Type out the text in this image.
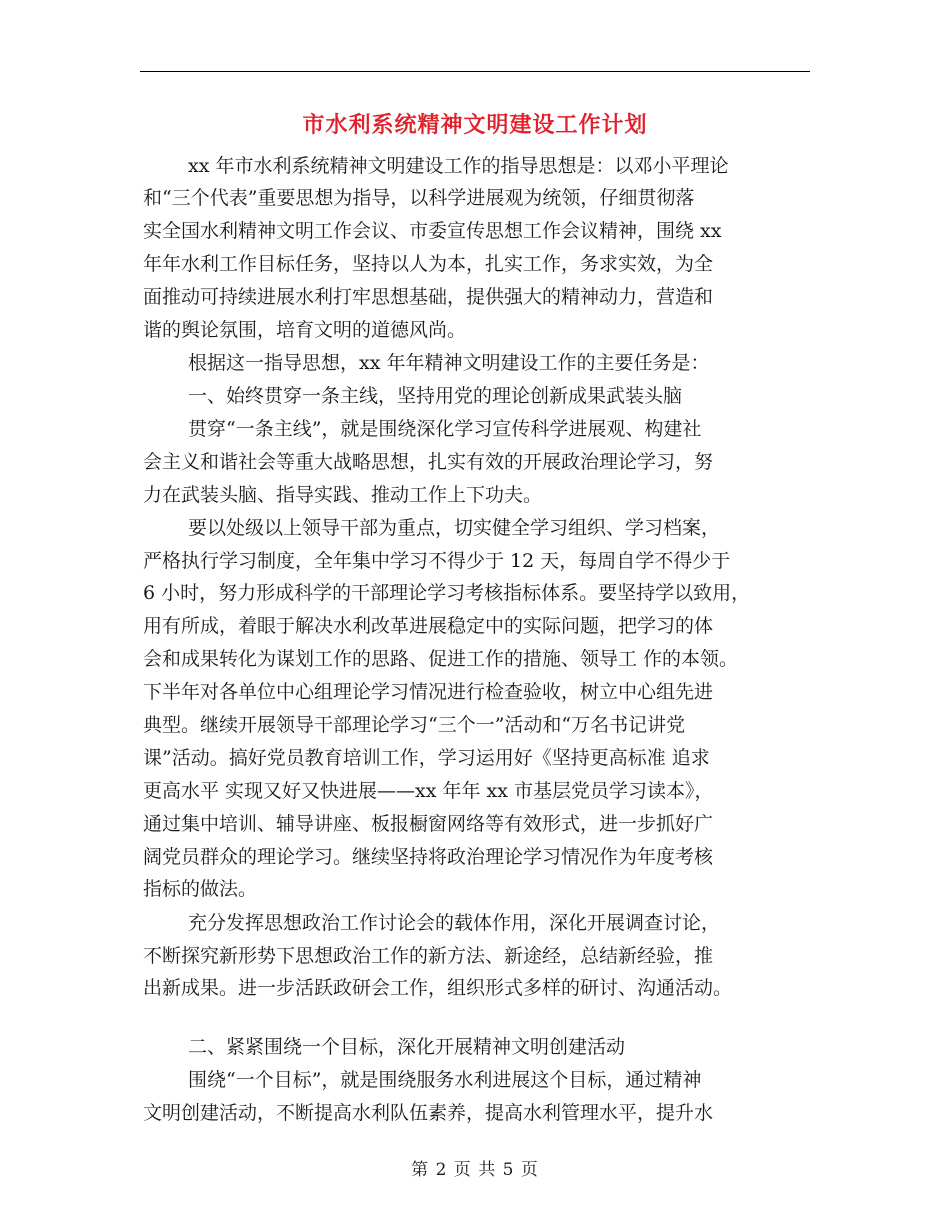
市水利系统精神文明建设工作计划
xx 年市水利系统精神文明建设工作的指导思想是：以邓小平理论
和“三个代表”重要思想为指导，以科学进展观为统领，仔细贯彻落
实全国水利精神文明工作会议、市委宣传思想工作会议精神，围绕 xx
年年水利工作目标任务，坚持以人为本，扎实工作，务求实效，为全
面推动可持续进展水利打牢思想基础，提供强大的精神动力，营造和
谐的舆论氛围，培育文明的道德风尚。
根据这一指导思想，xx 年年精神文明建设工作的主要任务是：
一、始终贯穿一条主线，坚持用党的理论创新成果武装头脑
贯穿“一条主线”，就是围绕深化学习宣传科学进展观、构建社
会主义和谐社会等重大战略思想，扎实有效的开展政治理论学习，努
力在武装头脑、指导实践、推动工作上下功夫。
要以处级以上领导干部为重点，切实健全学习组织、学习档案，
严格执行学习制度，全年集中学习不得少于 12 天，每周自学不得少于
6 小时，努力形成科学的干部理论学习考核指标体系。要坚持学以致用，
用有所成，着眼于解决水利改革进展稳定中的实际问题，把学习的体
会和成果转化为谋划工作的思路、促进工作的措施、领导工 作的本领。
下半年对各单位中心组理论学习情况进行检查验收，树立中心组先进
典型。继续开展领导干部理论学习“三个一”活动和“万名书记讲党
课”活动。搞好党员教育培训工作，学习运用好《坚持更高标准 追求
更高水平 实现又好又快进展——xx 年年 xx 市基层党员学习读本》，
通过集中培训、辅导讲座、板报橱窗网络等有效形式，进一步抓好广
阔党员群众的理论学习。继续坚持将政治理论学习情况作为年度考核
指标的做法。
充分发挥思想政治工作讨论会的载体作用，深化开展调查讨论，
不断探究新形势下思想政治工作的新方法、新途经，总结新经验，推
出新成果。进一步活跃政研会工作，组织形式多样的研讨、沟通活动。
二、紧紧围绕一个目标，深化开展精神文明创建活动
围绕“一个目标”，就是围绕服务水利进展这个目标，通过精神
文明创建活动，不断提高水利队伍素养，提高水利管理水平，提升水
第 2 页 共 5 页
